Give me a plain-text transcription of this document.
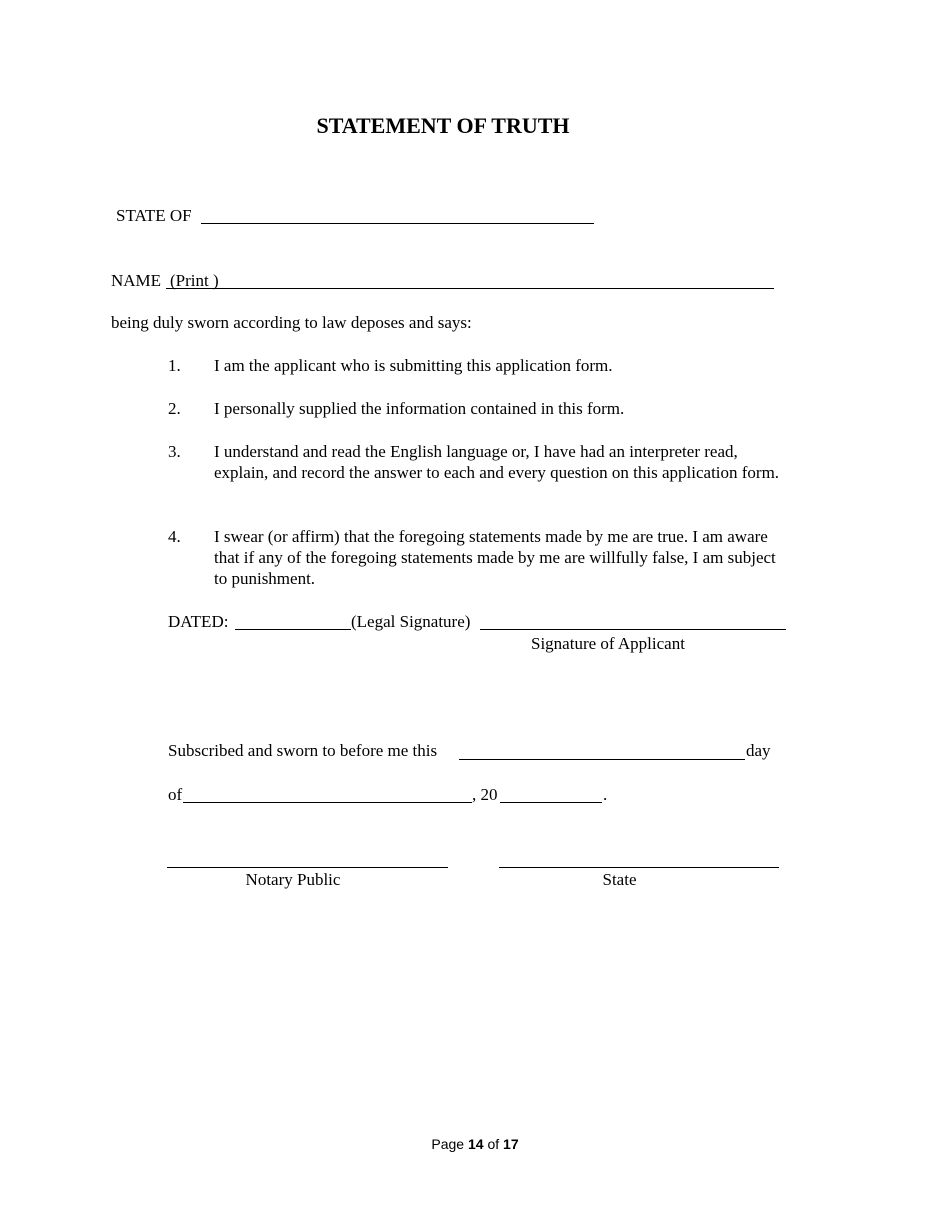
STATEMENT OF TRUTH
STATE OF
NAME (Print )
being duly sworn according to law deposes and says:
1. I am the applicant who is submitting this application form.
2. I personally supplied the information contained in this form.
3. I understand and read the English language or, I have had an interpreter read, explain, and record the answer to each and every question on this application form.
4. I swear (or affirm) that the foregoing statements made by me are true. I am aware that if any of the foregoing statements made by me are willfully false, I am subject to punishment.
DATED:	(Legal Signature)
Signature of Applicant
Subscribed and sworn to before me this	day
of	, 20	.
Notary Public	State
Page 14 of 17
